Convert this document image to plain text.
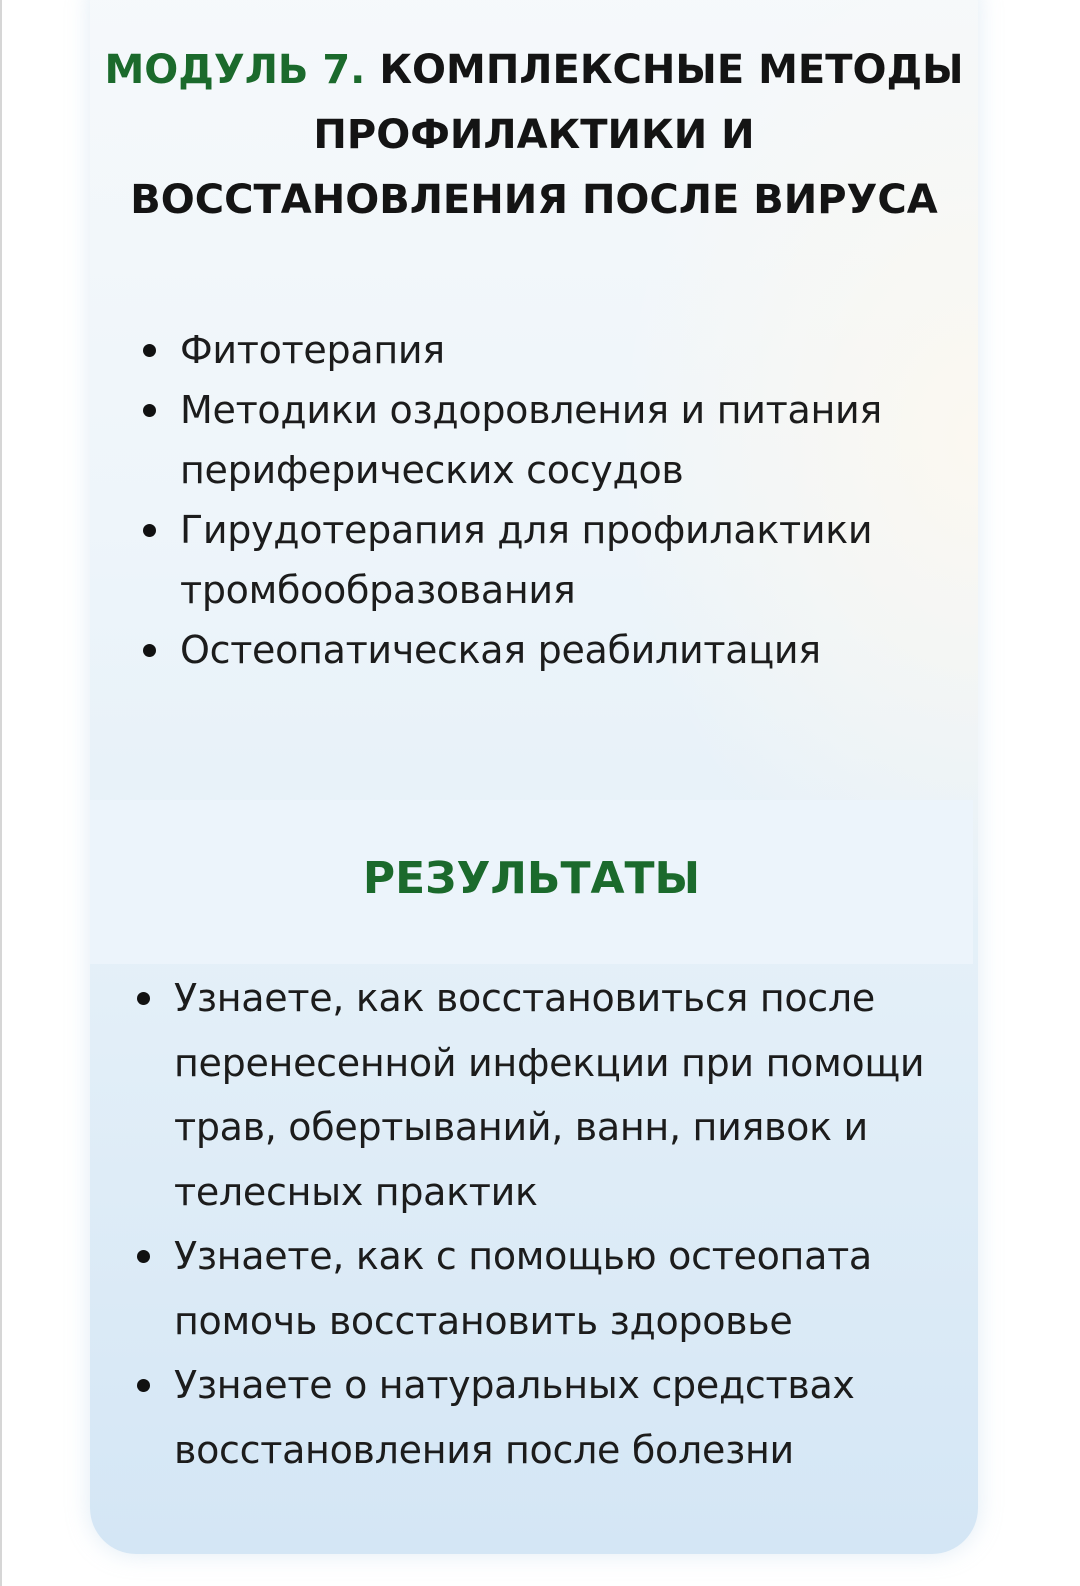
МОДУЛЬ 7. КОМПЛЕКСНЫЕ МЕТОДЫ ПРОФИЛАКТИКИ И ВОССТАНОВЛЕНИЯ ПОСЛЕ ВИРУСА
Фитотерапия
Методики оздоровления и питания периферических сосудов
Гирудотерапия для профилактики тромбообразования
Остеопатическая реабилитация
РЕЗУЛЬТАТЫ
Узнаете, как восстановиться после перенесенной инфекции при помощи трав, обертываний, ванн, пиявок и телесных практик
Узнаете, как с помощью остеопата помочь восстановить здоровье
Узнаете о натуральных средствах восстановления после болезни
